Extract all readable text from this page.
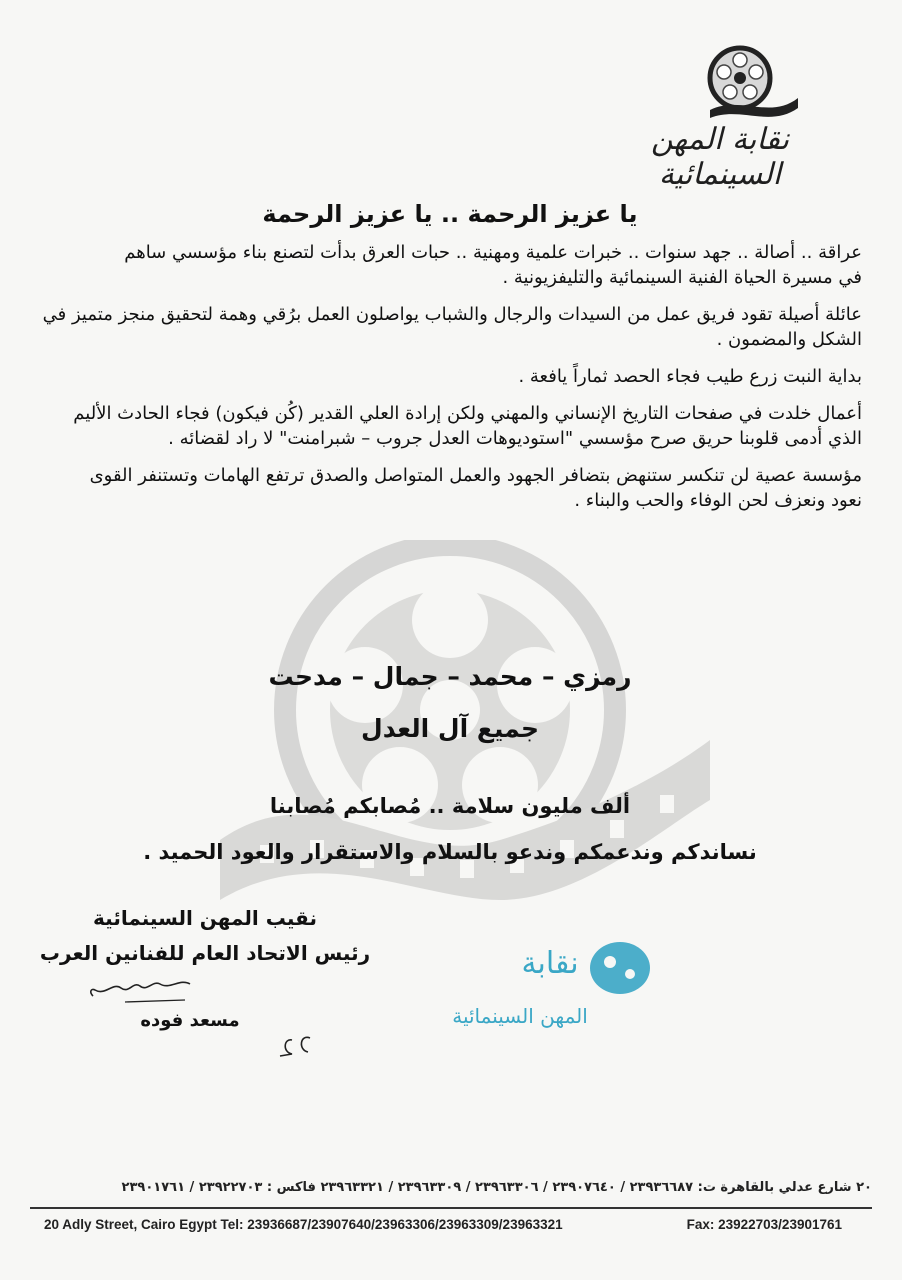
نقابة المهن السينمائية
يا عزيز الرحمة .. يا عزيز الرحمة

عراقة .. أصالة .. جهد سنوات .. خبرات علمية ومهنية .. حبات العرق بدأت لتصنع بناء مؤسسي ساهم
في مسيرة الحياة الفنية السينمائية والتليفزيونية .

عائلة أصيلة تقود فريق عمل من السيدات والرجال والشباب يواصلون العمل برُقي وهمة لتحقيق منجز متميز في
الشكل والمضمون .

بداية النبت زرع طيب فجاء الحصد ثماراً يافعة .

أعمال خلدت في صفحات التاريخ الإنساني والمهني ولكن إرادة العلي القدير (كُن فيكون) فجاء الحادث الأليم
الذي أدمى قلوبنا حريق صرح مؤسسي "استوديوهات العدل جروب – شبرامنت" لا راد لقضائه .

مؤسسة عصية لن تنكسر ستنهض بتضافر الجهود والعمل المتواصل والصدق ترتفع الهامات وتستنفر القوى
نعود ونعزف لحن الوفاء والحب والبناء .

رمزي – محمد – جمال – مدحت
جميع آل العدل
ألف مليون سلامة .. مُصابكم مُصابنا
نساندكم وندعمكم وندعو بالسلام والاستقرار والعود الحميد .
نقيب المهن السينمائية
رئيس الاتحاد العام للفنانين العرب
مسعد فوده
نقابة
المهن السينمائية
٢٠ شارع عدلي بالقاهرة ت: ٢٣٩٣٦٦٨٧ / ٢٣٩٠٧٦٤٠ / ٢٣٩٦٣٣٠٦ / ٢٣٩٦٣٣٠٩ / ٢٣٩٦٣٣٢١ فاكس : ٢٣٩٢٢٧٠٣ / ٢٣٩٠١٧٦١
20 Adly Street, Cairo Egypt Tel: 23936687/23907640/23963306/23963309/23963321	Fax: 23922703/23901761
